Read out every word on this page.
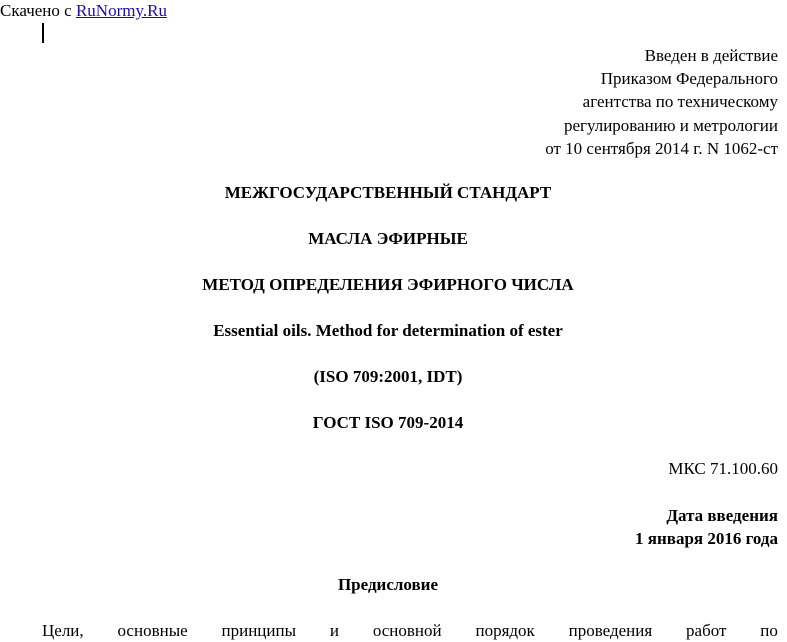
Скачено с RuNormy.Ru
Введен в действие
Приказом Федерального
агентства по техническому
регулированию и метрологии
от 10 сентября 2014 г. N 1062-ст
МЕЖГОСУДАРСТВЕННЫЙ СТАНДАРТ
МАСЛА ЭФИРНЫЕ
МЕТОД ОПРЕДЕЛЕНИЯ ЭФИРНОГО ЧИСЛА
Essential oils. Method for determination of ester
(ISO 709:2001, IDT)
ГОСТ ISO 709-2014
МКС 71.100.60
Дата введения
1 января 2016 года
Предисловие
Цели, основные принципы и основной порядок проведения работ по
